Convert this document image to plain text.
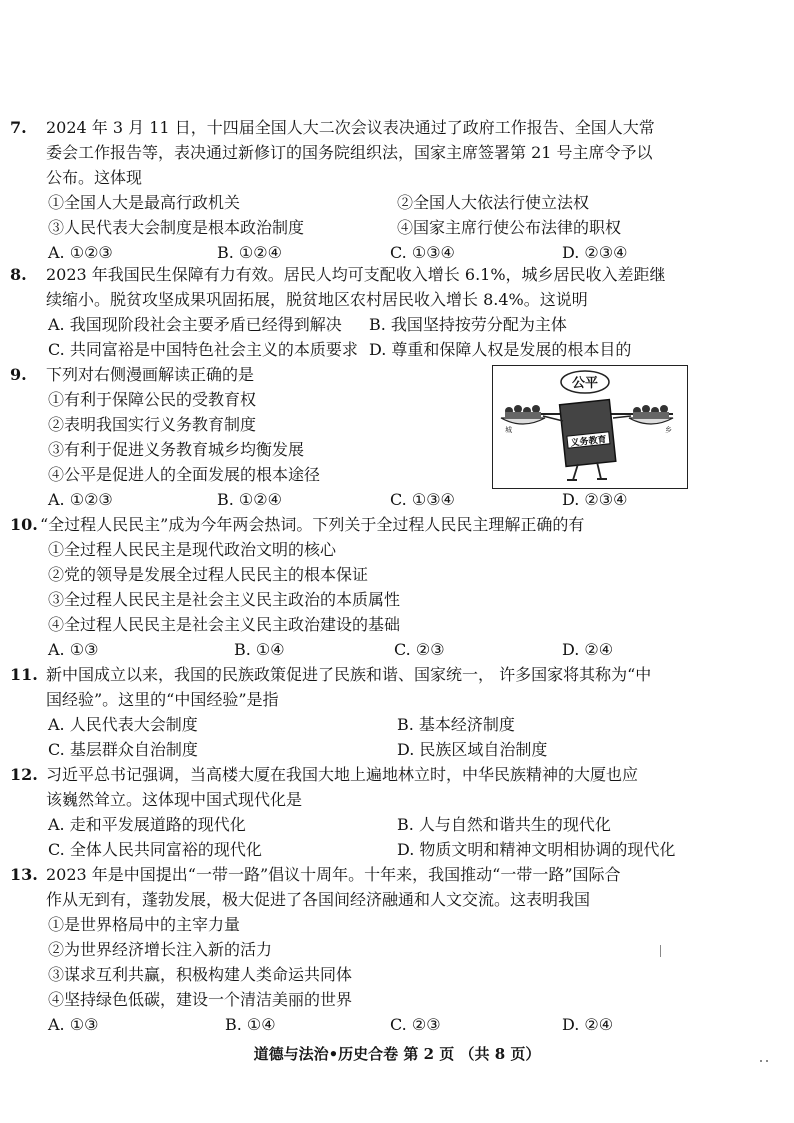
7.	2024 年 3 月 11 日，十四届全国人大二次会议表决通过了政府工作报告、全国人大常
委会工作报告等，表决通过新修订的国务院组织法，国家主席签署第 21 号主席令予以
公布。这体现
①全国人大是最高行政机关	②全国人大依法行使立法权
③人民代表大会制度是根本政治制度	④国家主席行使公布法律的职权
A. ①②③	B. ①②④	C. ①③④	D. ②③④
8.	2023 年我国民生保障有力有效。居民人均可支配收入增长 6.1%，城乡居民收入差距继
续缩小。脱贫攻坚成果巩固拓展，脱贫地区农村居民收入增长 8.4%。这说明
A. 我国现阶段社会主要矛盾已经得到解决 B. 我国坚持按劳分配为主体
C. 共同富裕是中国特色社会主义的本质要求 D. 尊重和保障人权是发展的根本目的
9.	下列对右侧漫画解读正确的是
①有利于保障公民的受教育权
②表明我国实行义务教育制度
③有利于促进义务教育城乡均衡发展
④公平是促进人的全面发展的根本途径
A. ①②③	B. ①②④	C. ①③④	D. ②③④
公平
城	乡
义务教育
10. “全过程人民民主”成为今年两会热词。下列关于全过程人民民主理解正确的有
①全过程人民民主是现代政治文明的核心
②党的领导是发展全过程人民民主的根本保证
③全过程人民民主是社会主义民主政治的本质属性
④全过程人民民主是社会主义民主政治建设的基础
A. ①③	B. ①④	C. ②③	D. ②④
11. 新中国成立以来，我国的民族政策促进了民族和谐、国家统一， 许多国家将其称为“中
国经验”。这里的“中国经验”是指
A. 人民代表大会制度	B. 基本经济制度
C. 基层群众自治制度	D. 民族区域自治制度
12. 习近平总书记强调，当高楼大厦在我国大地上遍地林立时，中华民族精神的大厦也应
该巍然耸立。这体现中国式现代化是
A. 走和平发展道路的现代化	B. 人与自然和谐共生的现代化
C. 全体人民共同富裕的现代化	D. 物质文明和精神文明相协调的现代化
13. 2023 年是中国提出“一带一路”倡议十周年。十年来，我国推动“一带一路”国际合
作从无到有，蓬勃发展，极大促进了各国间经济融通和人文交流。这表明我国
①是世界格局中的主宰力量
②为世界经济增长注入新的活力
③谋求互利共赢，积极构建人类命运共同体
④坚持绿色低碳，建设一个清洁美丽的世界
A. ①③	B. ①④	C. ②③	D. ②④
道德与法治•历史合卷 第 2 页 （共 8 页）
